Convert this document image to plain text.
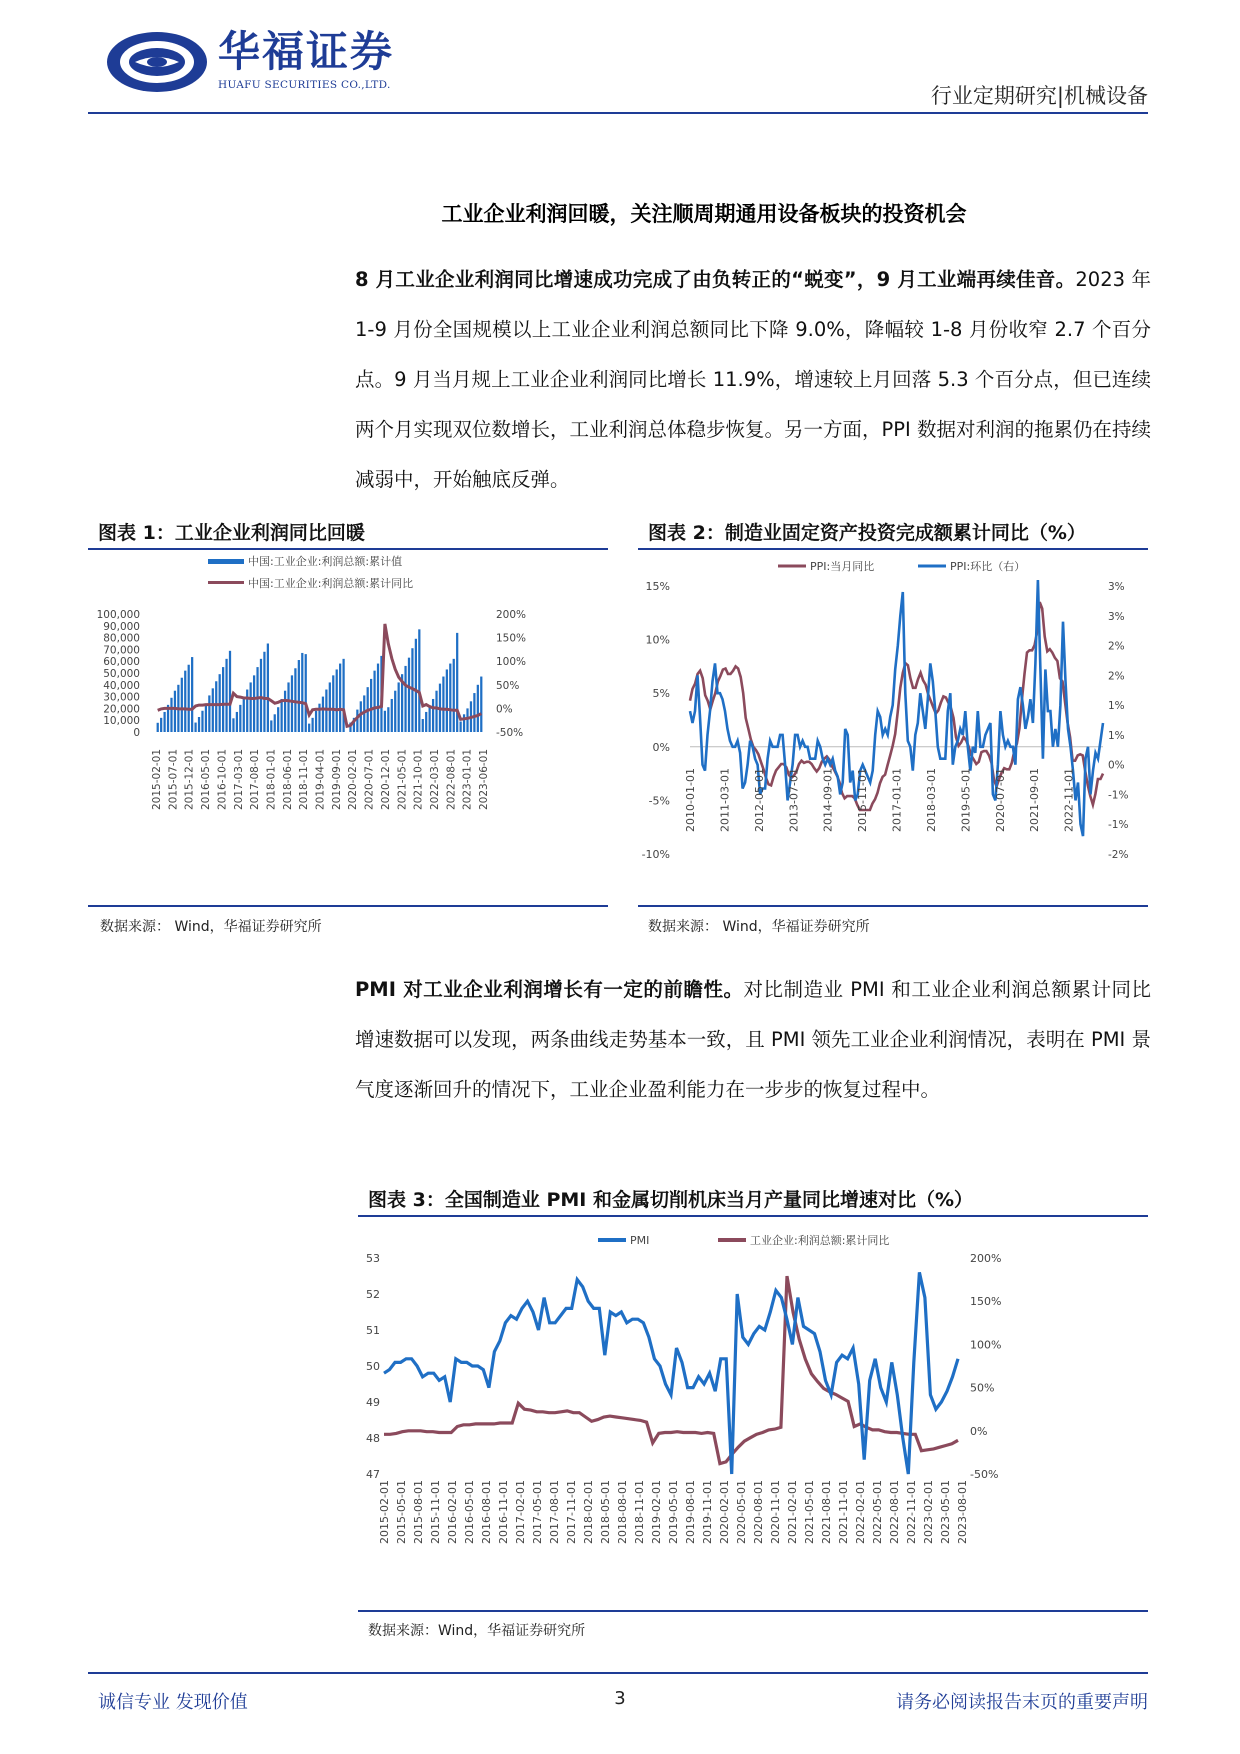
华福证券
HUAFU SECURITIES CO.,LTD.	行业定期研究|机械设备
工业企业利润回暖，关注顺周期通用设备板块的投资机会
8 月工业企业利润同比增速成功完成了由负转正的“蜕变”，9 月工业端再续佳音。2023 年 1-9 月份全国规模以上工业企业利润总额同比下降 9.0%，降幅较 1-8 月份收窄 2.7 个百分点。9 月当月规上工业企业利润同比增长 11.9%，增速较上月回落 5.3 个百分点，但已连续两个月实现双位数增长，工业利润总体稳步恢复。另一方面，PPI 数据对利润的拖累仍在持续减弱中，开始触底反弹。
图表 1：工业企业利润同比回暖
中国:工业企业:利润总额:累计值
中国:工业企业:利润总额:累计同比
100,000
90,000
80,000
70,000
60,000
50,000
40,000
30,000
20,000
10,000
0
200%
150%
100%
50%
0%
-50%
2015-02-01 2015-07-01 2015-12-01 2016-05-01 2016-10-01 2017-03-01 2017-08-01 2018-01-01 2018-06-01 2018-11-01 2019-04-01 2019-09-01 2020-02-01 2020-07-01 2020-12-01 2021-05-01 2021-10-01 2022-03-01 2022-08-01 2023-01-01 2023-06-01
数据来源： Wind，华福证券研究所
图表 2：制造业固定资产投资完成额累计同比（%）
PPI:当月同比	PPI:环比（右）
15%
10%
5%
0%
-5%
-10%
3%
3%
2%
2%
1%
1%
0%
-1%
-1%
-2%
2010-01-01 2011-03-01 2012-05-01 2013-07-01 2014-09-01 2015-11-01 2017-01-01 2018-03-01 2019-05-01 2020-07-01 2021-09-01 2022-11-01
数据来源： Wind，华福证券研究所
PMI 对工业企业利润增长有一定的前瞻性。对比制造业 PMI 和工业企业利润总额累计同比增速数据可以发现，两条曲线走势基本一致，且 PMI 领先工业企业利润情况，表明在 PMI 景气度逐渐回升的情况下，工业企业盈利能力在一步步的恢复过程中。
图表 3：全国制造业 PMI 和金属切削机床当月产量同比增速对比（%）
PMI	工业企业:利润总额:累计同比
53
52
51
50
49
48
47
200%
150%
100%
50%
0%
-50%
2015-02-01 2015-05-01 2015-08-01 2015-11-01 2016-02-01 2016-05-01 2016-08-01 2016-11-01 2017-02-01 2017-05-01 2017-08-01 2017-11-01 2018-02-01 2018-05-01 2018-08-01 2018-11-01 2019-02-01 2019-05-01 2019-08-01 2019-11-01 2020-02-01 2020-05-01 2020-08-01 2020-11-01 2021-02-01 2021-05-01 2021-08-01 2021-11-01 2022-02-01 2022-05-01 2022-08-01 2022-11-01 2023-02-01 2023-05-01 2023-08-01
数据来源：Wind，华福证券研究所
诚信专业 发现价值	3	请务必阅读报告末页的重要声明
